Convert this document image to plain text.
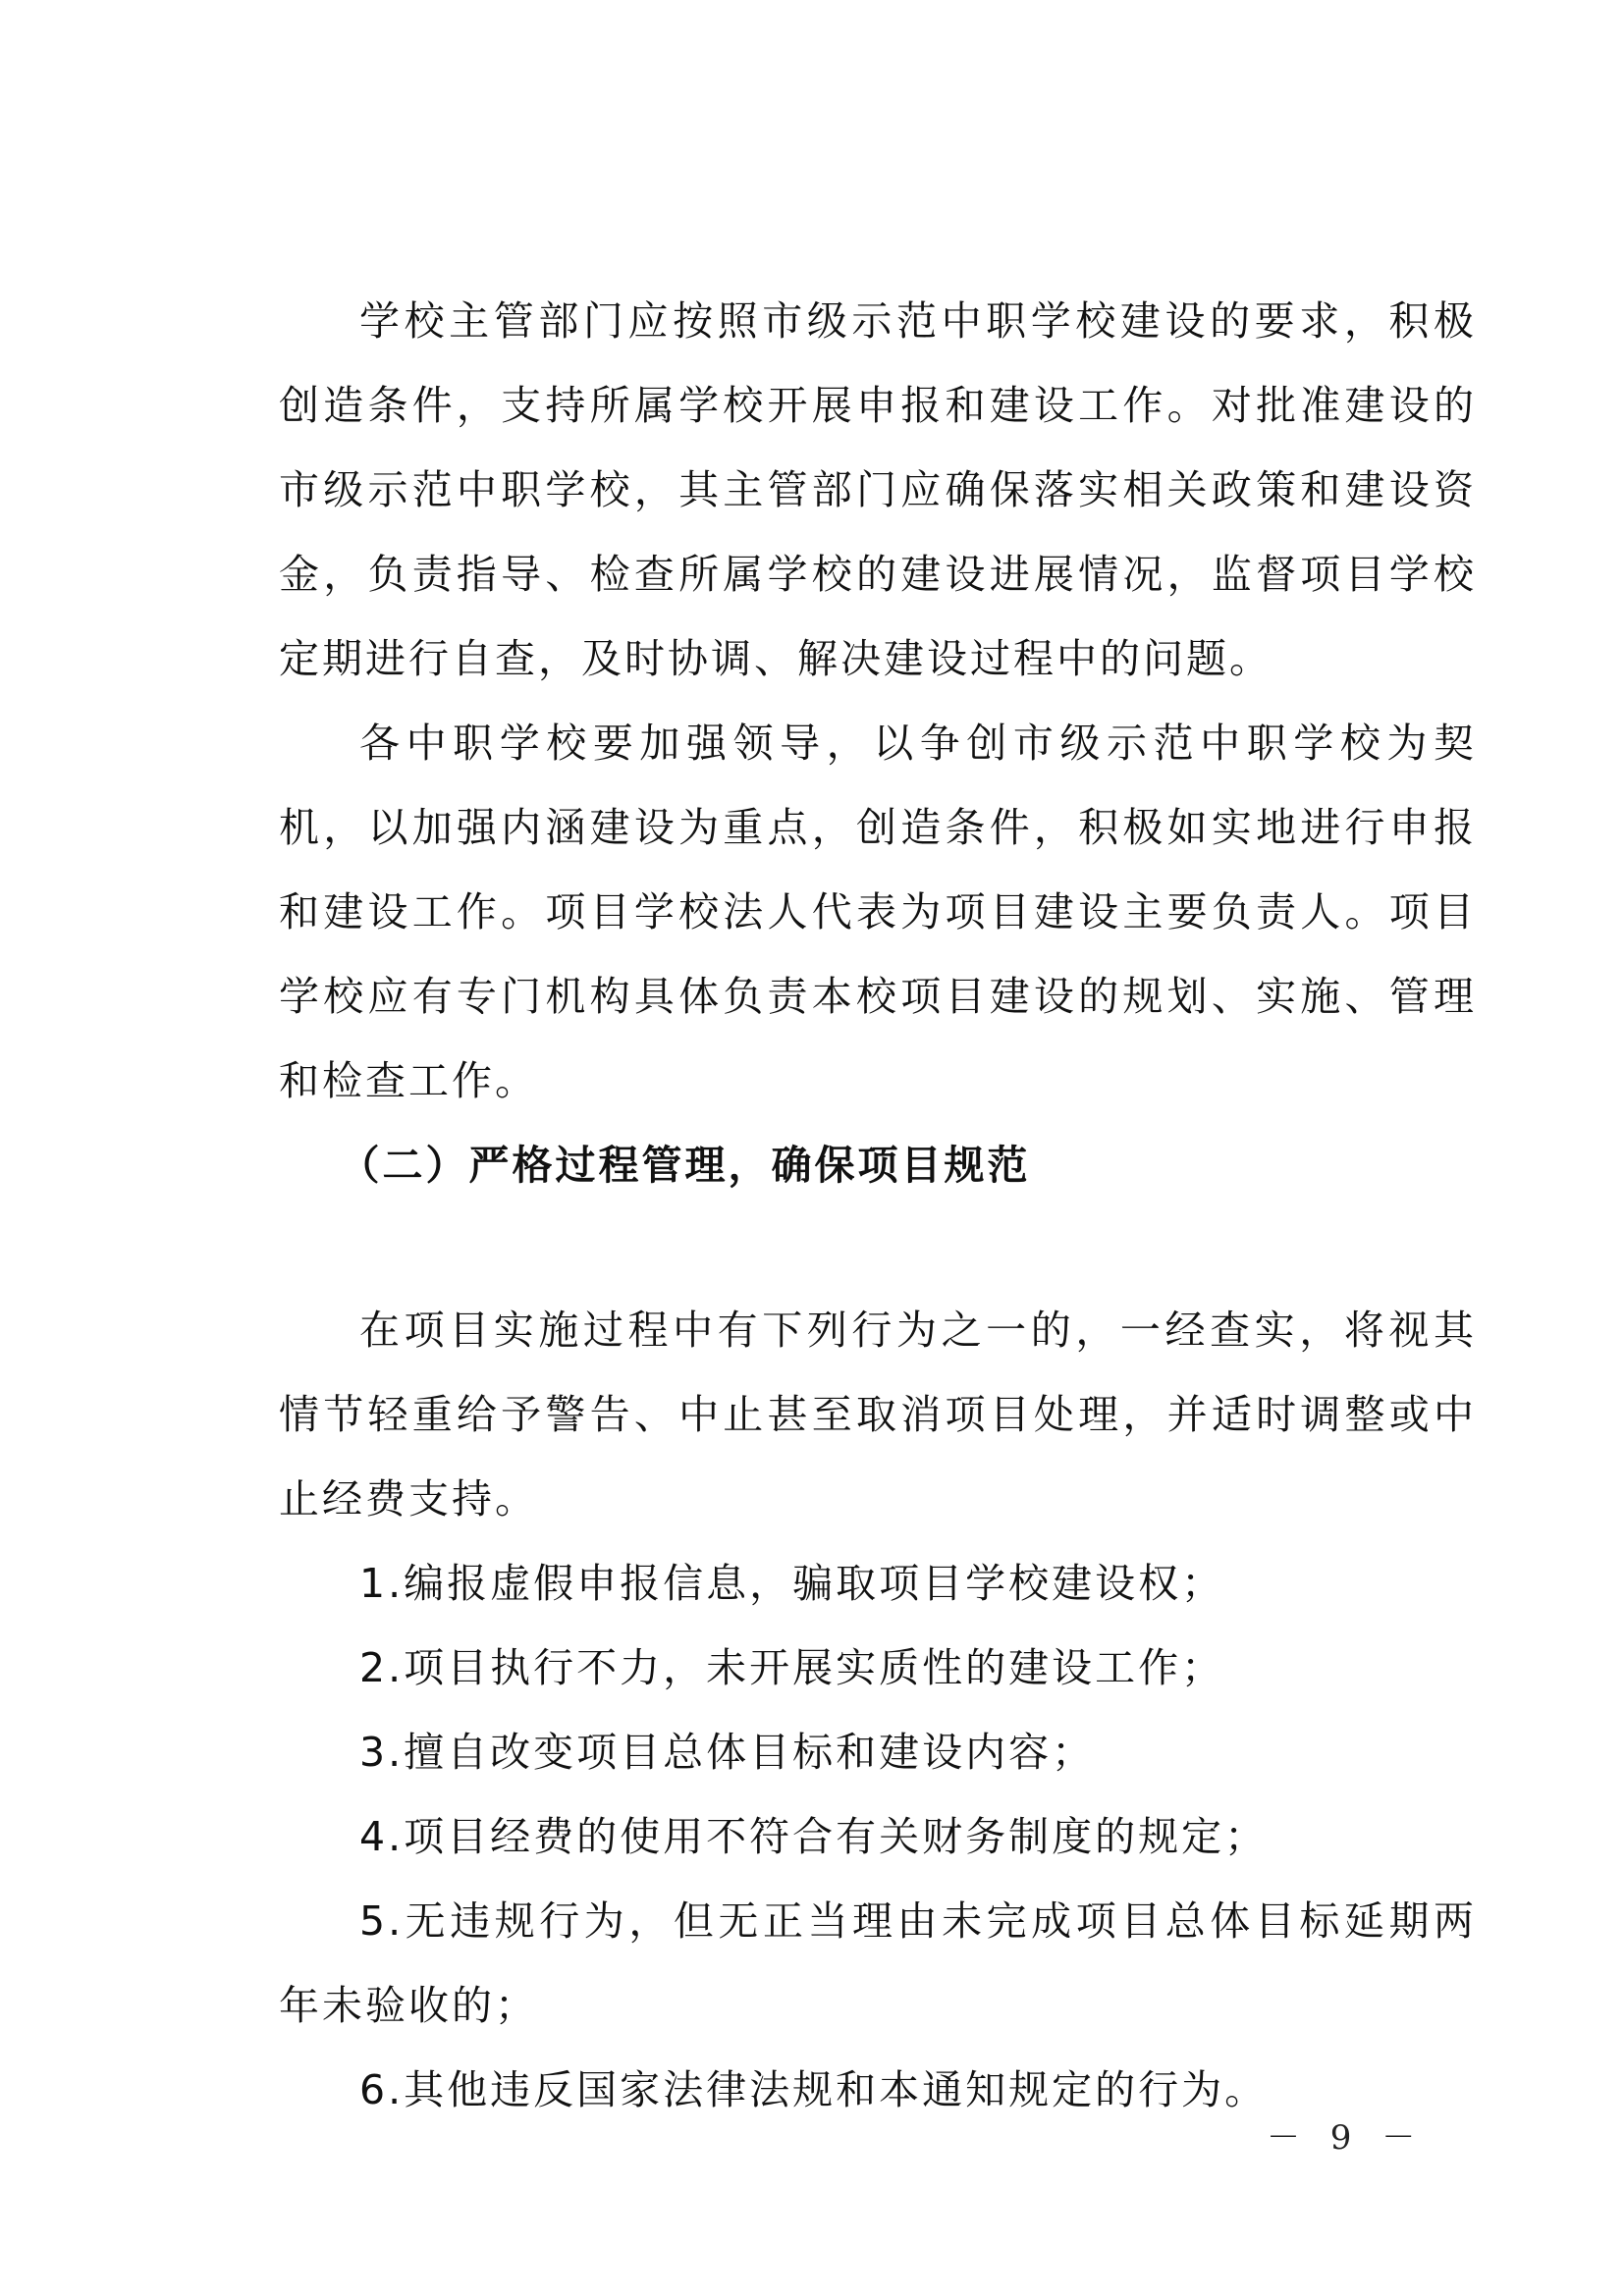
学校主管部门应按照市级示范中职学校建设的要求，积极创造条件，支持所属学校开展申报和建设工作。对批准建设的市级示范中职学校，其主管部门应确保落实相关政策和建设资金，负责指导、检查所属学校的建设进展情况，监督项目学校定期进行自查，及时协调、解决建设过程中的问题。

各中职学校要加强领导，以争创市级示范中职学校为契机，以加强内涵建设为重点，创造条件，积极如实地进行申报和建设工作。项目学校法人代表为项目建设主要负责人。项目学校应有专门机构具体负责本校项目建设的规划、实施、管理和检查工作。

（二）严格过程管理，确保项目规范

在项目实施过程中有下列行为之一的，一经查实，将视其情节轻重给予警告、中止甚至取消项目处理，并适时调整或中止经费支持。

1.编报虚假申报信息，骗取项目学校建设权；

2.项目执行不力，未开展实质性的建设工作；

3.擅自改变项目总体目标和建设内容；

4.项目经费的使用不符合有关财务制度的规定；

5.无违规行为，但无正当理由未完成项目总体目标延期两年未验收的；

6.其他违反国家法律法规和本通知规定的行为。

－ 9 －
